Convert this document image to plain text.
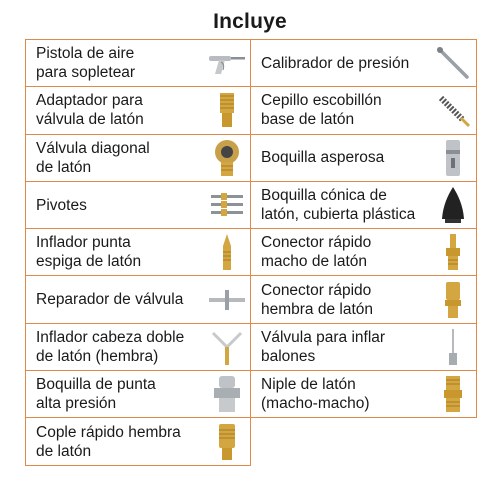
Incluye
Pistola de aire
para sopletear
Calibrador de presión
Adaptador para
válvula de latón
Cepillo escobillón
base de latón
Válvula diagonal
de latón
Boquilla asperosa
Pivotes
Boquilla cónica de
latón, cubierta plástica
Inflador punta
espiga de latón
Conector rápido
macho de latón
Reparador de válvula
Conector rápido
hembra de latón
Inflador cabeza doble
de latón (hembra)
Válvula para inflar
balones
Boquilla de punta
alta presión
Niple de latón
(macho-macho)
Cople rápido hembra
de latón
